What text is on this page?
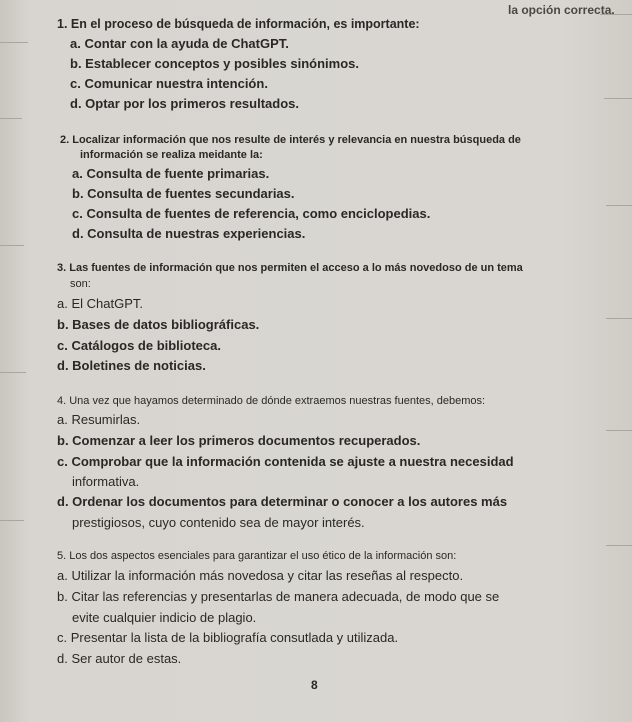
la opción correcta.
1. En el proceso de búsqueda de información, es importante:
a. Contar con la ayuda de ChatGPT.
b. Establecer conceptos y posibles sinónimos.
c. Comunicar nuestra intención.
d. Optar por los primeros resultados.
2. Localizar información que nos resulte de interés y relevancia en nuestra búsqueda de
información se realiza meidante la:
a. Consulta de fuente primarias.
b. Consulta de fuentes secundarias.
c. Consulta de fuentes de referencia, como enciclopedias.
d. Consulta de nuestras experiencias.
3. Las fuentes de información que nos permiten el acceso a lo más novedoso de un tema
son:
a. El ChatGPT.
b. Bases de datos bibliográficas.
c. Catálogos de biblioteca.
d. Boletines de noticias.
4. Una vez que hayamos determinado de dónde extraemos nuestras fuentes, debemos:
a. Resumirlas.
b. Comenzar a leer los primeros documentos recuperados.
c. Comprobar que la información contenida se ajuste a nuestra necesidad
informativa.
d. Ordenar los documentos para determinar o conocer a los autores más
prestigiosos, cuyo contenido sea de mayor interés.
5. Los dos aspectos esenciales para garantizar el uso ético de la información son:
a. Utilizar la información más novedosa y citar las reseñas al respecto.
b. Citar las referencias y presentarlas de manera adecuada, de modo que se
evite cualquier indicio de plagio.
c. Presentar la lista de la bibliografía consutlada y utilizada.
d. Ser autor de estas.
8
